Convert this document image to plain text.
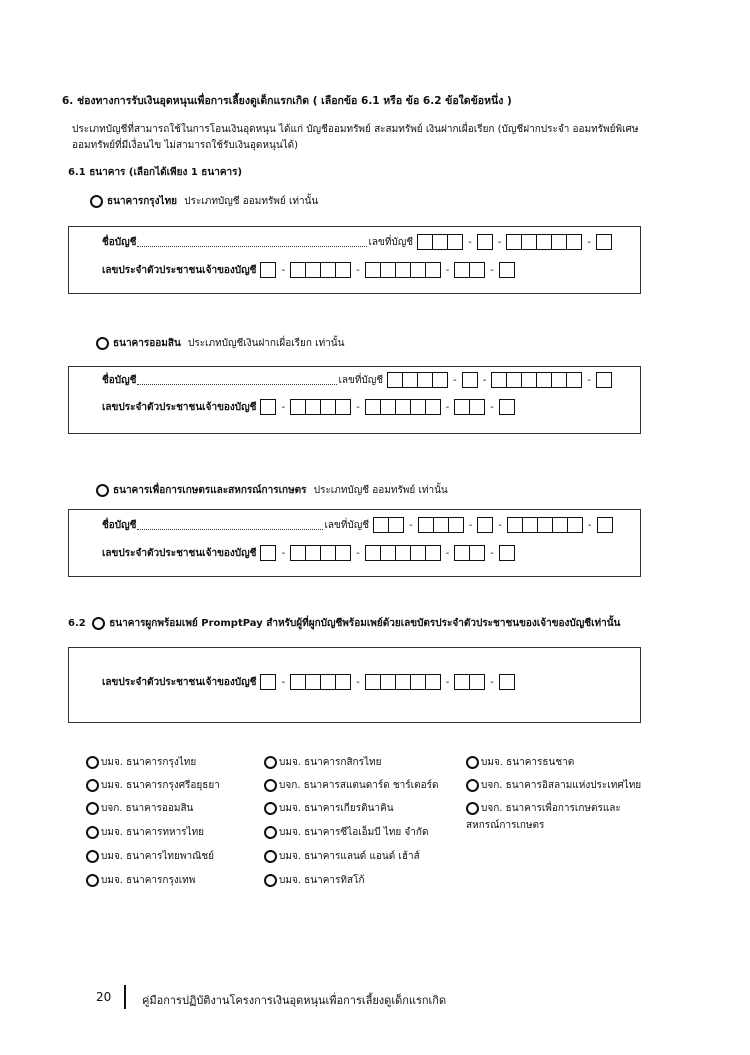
6. ช่องทางการรับเงินอุดหนุนเพื่อการเลี้ยงดูเด็กแรกเกิด ( เลือกข้อ 6.1 หรือ ข้อ 6.2 ข้อใดข้อหนึ่ง )
ประเภทบัญชีที่สามารถใช้ในการโอนเงินอุดหนุน ได้แก่ บัญชีออมทรัพย์ สะสมทรัพย์ เงินฝากเผื่อเรียก (บัญชีฝากประจำ ออมทรัพย์พิเศษ
ออมทรัพย์ที่มีเงื่อนไข ไม่สามารถใช้รับเงินอุดหนุนได้)
6.1 ธนาคาร (เลือกได้เพียง 1 ธนาคาร)
ธนาคารกรุงไทย ประเภทบัญชี ออมทรัพย์ เท่านั้น
ชื่อบัญชี	เลขที่บัญชี	-	-	-
เลขประจำตัวประชาชนเจ้าของบัญชี	-	-	-	-
ธนาคารออมสิน ประเภทบัญชีเงินฝากเผื่อเรียก เท่านั้น
ชื่อบัญชี	เลขที่บัญชี	-	-	-
เลขประจำตัวประชาชนเจ้าของบัญชี	-	-	-	-
ธนาคารเพื่อการเกษตรและสหกรณ์การเกษตร ประเภทบัญชี ออมทรัพย์ เท่านั้น
ชื่อบัญชี	เลขที่บัญชี	-	-	-	-
เลขประจำตัวประชาชนเจ้าของบัญชี	-	-	-	-
6.2 ธนาคารผูกพร้อมเพย์ PromptPay สำหรับผู้ที่ผูกบัญชีพร้อมเพย์ด้วยเลขบัตรประจำตัวประชาชนของเจ้าของบัญชีเท่านั้น
เลขประจำตัวประชาชนเจ้าของบัญชี	-	-	-	-
บมจ. ธนาคารกรุงไทย
บมจ. ธนาคารกรุงศรีอยุธยา
บจก. ธนาคารออมสิน
บมจ. ธนาคารทหารไทย
บมจ. ธนาคารไทยพาณิชย์
บมจ. ธนาคารกรุงเทพ
บมจ. ธนาคารกสิกรไทย
บจก. ธนาคารสแตนดาร์ด ชาร์เตอร์ด
บมจ. ธนาคารเกียรตินาคิน
บมจ. ธนาคารซีไอเอ็มบี ไทย จำกัด
บมจ. ธนาคารแลนด์ แอนด์ เฮ้าส์
บมจ. ธนาคารทิสโก้
บมจ. ธนาคารธนชาต
บจก. ธนาคารอิสลามแห่งประเทศไทย
บจก. ธนาคารเพื่อการเกษตรและ
สหกรณ์การเกษตร
20	คู่มือการปฏิบัติงานโครงการเงินอุดหนุนเพื่อการเลี้ยงดูเด็กแรกเกิด
